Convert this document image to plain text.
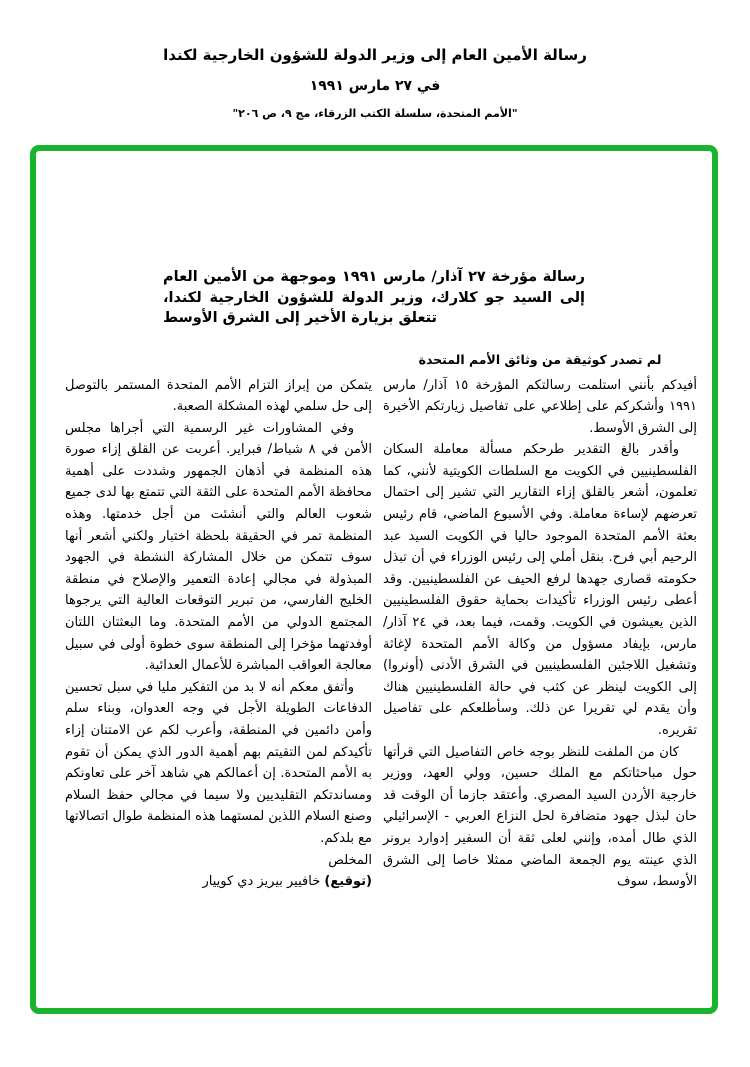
رسالة الأمين العام إلى وزير الدولة للشؤون الخارجية لكندا
في ٢٧ مارس ١٩٩١
"الأمم المتحدة، سلسلة الكتب الزرقاء، مج ٩، ص ٢٠٦"
رسالة مؤرخة ٢٧ آذار/ مارس ١٩٩١ وموجهة من الأمين العام إلى السيد جو كلارك، وزير الدولة للشؤون الخارجية لكندا، تتعلق بزيارة الأخير إلى الشرق الأوسط
لم تصدر كوثيقة من وثائق الأمم المتحدة

أفيدكم بأنني استلمت رسالتكم المؤرخة ١٥ آذار/ مارس ١٩٩١ وأشكركم على إطلاعي على تفاصيل زيارتكم الأخيرة إلى الشرق الأوسط.

وأقدر بالغ التقدير طرحكم مسألة معاملة السكان الفلسطينيين في الكويت مع السلطات الكويتية لأنني، كما تعلمون، أشعر بالقلق إزاء التقارير التي تشير إلى احتمال تعرضهم لإساءة معاملة. وفي الأسبوع الماضي، قام رئيس بعثة الأمم المتحدة الموجود حاليا في الكويت السيد عبد الرحيم أبي فرح. بنقل أملي إلى رئيس الوزراء في أن تبذل حكومته قصارى جهدها لرفع الحيف عن الفلسطينيين. وقد أعطى رئيس الوزراء تأكيدات بحماية حقوق الفلسطينيين الذين يعيشون في الكويت. وقمت، فيما بعد، في ٢٤ آذار/ مارس، بإيفاد مسؤول من وكالة الأمم المتحدة لإغاثة وتشغيل اللاجئين الفلسطينيين في الشرق الأدنى (أونروا) إلى الكويت لينظر عن كثب في حالة الفلسطينيين هناك وأن يقدم لي تقريرا عن ذلك. وسأطلعكم على تفاصيل تقريره.

كان من الملفت للنظر بوجه خاص التفاصيل التي قرأتها حول مباحثاتكم مع الملك حسين، وولي العهد، ووزير خارجية الأردن السيد المصري. وأعتقد جازما أن الوقت قد حان لبذل جهود متضافرة لحل النزاع العربي - الإسرائيلي الذي طال أمده، وإنني لعلى ثقة أن السفير إدوارد برونر الذي عينته يوم الجمعة الماضي ممثلا خاصا إلى الشرق الأوسط، سوف

يتمكن من إبراز التزام الأمم المتحدة المستمر بالتوصل إلى حل سلمي لهذه المشكلة الصعبة.

وفي المشاورات غير الرسمية التي أجراها مجلس الأمن في ٨ شباط/ فبراير. أعربت عن القلق إزاء صورة هذه المنظمة في أذهان الجمهور وشددت على أهمية محافظة الأمم المتحدة على الثقة التي تتمتع بها لدى جميع شعوب العالم والتي أنشئت من أجل خدمتها. وهذه المنظمة تمر في الحقيقة بلحظة اختبار ولكني أشعر أنها سوف تتمكن من خلال المشاركة النشطة في الجهود المبذولة في مجالي إعادة التعمير والإصلاح في منطقة الخليج الفارسي، من تبرير التوقعات العالية التي يرجوها المجتمع الدولي من الأمم المتحدة. وما البعثتان اللتان أوفدتهما مؤخرا إلى المنطقة سوى خطوة أولى في سبيل معالجة العواقب المباشرة للأعمال العدائية.

وأتفق معكم أنه لا بد من التفكير مليا في سبل تحسين الدفاعات الطويلة الأجل في وجه العدوان، وبناء سلم وأمن دائمين في المنطقة، وأعرب لكم عن الامتنان إزاء تأكيدكم لمن التقيتم بهم أهمية الدور الذي يمكن أن تقوم به الأمم المتحدة. إن أعمالكم هي شاهد آخر على تعاونكم ومساندتكم التقليديين ولا سيما في مجالي حفظ السلام وصنع السلام اللذين لمستهما هذه المنظمة طوال اتصالاتها مع بلدكم.

المخلص

(توقيع) خافيير بيريز دي كوييار
